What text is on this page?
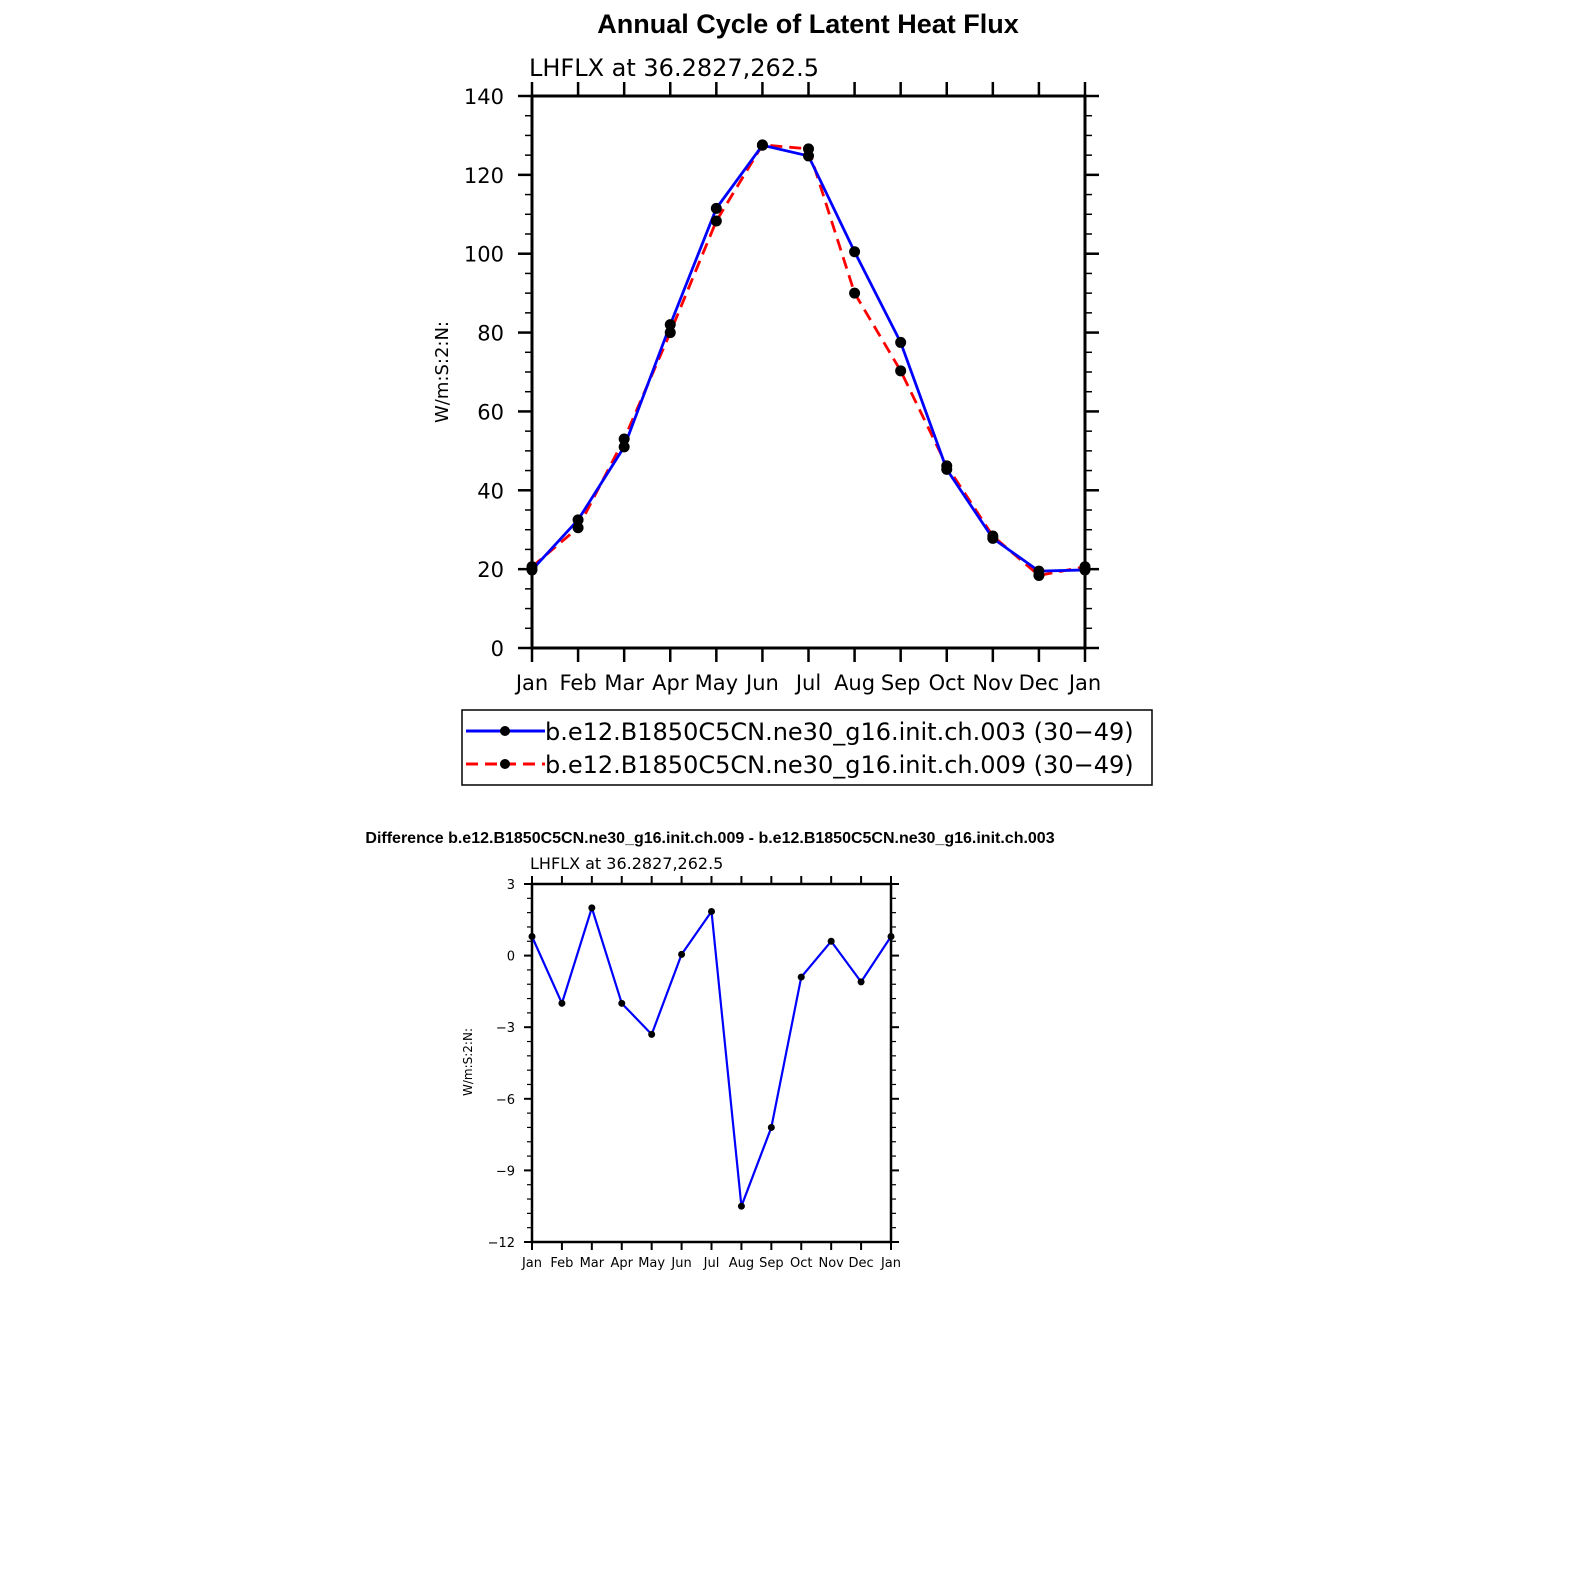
Annual Cycle of Latent Heat Flux
LHFLX at 36.2827,262.5
W/m:S:2:N:
Jan Feb Mar Apr May Jun Jul Aug Sep Oct Nov Dec Jan
0
20
40
60
80
100
120
140
b.e12.B1850C5CN.ne30_g16.init.ch.003 (30−49)
b.e12.B1850C5CN.ne30_g16.init.ch.009 (30−49)
Difference b.e12.B1850C5CN.ne30_g16.init.ch.009 - b.e12.B1850C5CN.ne30_g16.init.ch.003
LHFLX at 36.2827,262.5
W/m:S:2:N:
Jan Feb Mar Apr May Jun Jul Aug Sep Oct Nov Dec Jan
−12
−9
−6
−3
0
3
